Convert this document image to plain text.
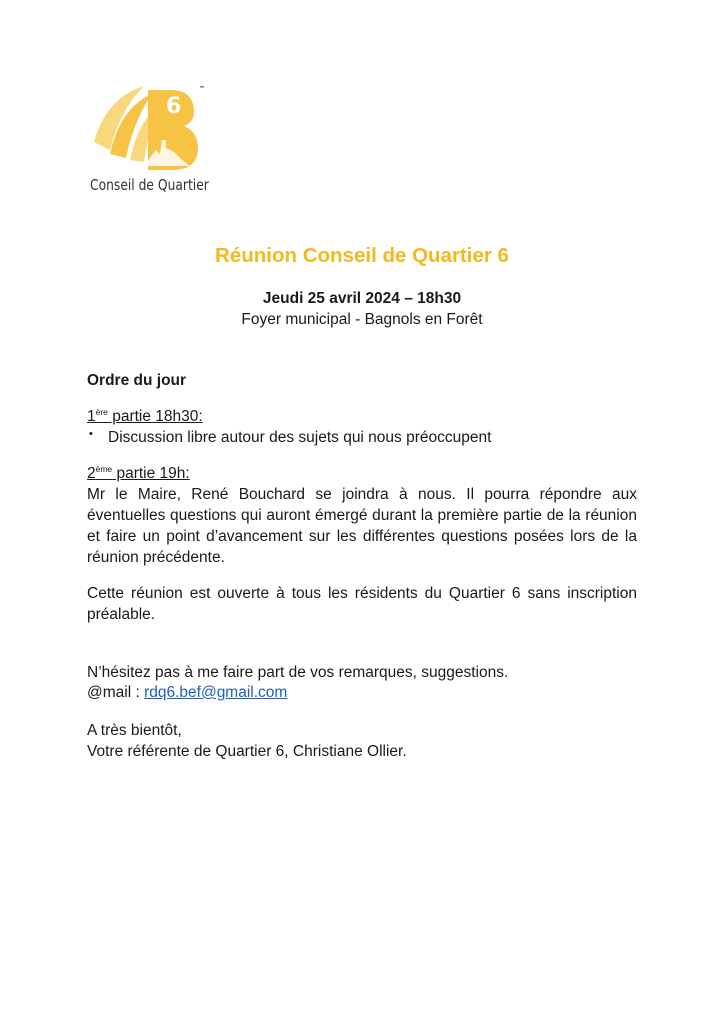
6
Conseil de Quartier
Réunion Conseil de Quartier 6
Jeudi 25 avril 2024 – 18h30
Foyer municipal - Bagnols en Forêt
Ordre du jour
1ère partie 18h30:
• Discussion libre autour des sujets qui nous préoccupent
2ème partie 19h:
Mr le Maire, René Bouchard se joindra à nous. Il pourra répondre aux éventuelles questions qui auront émergé durant la première partie de la réunion et faire un point d’avancement sur les différentes questions posées lors de la réunion précédente.
Cette réunion est ouverte à tous les résidents du Quartier 6 sans inscription préalable.
N’hésitez pas à me faire part de vos remarques, suggestions.
@mail : rdq6.bef@gmail.com
A très bientôt,
Votre référente de Quartier 6, Christiane Ollier.
